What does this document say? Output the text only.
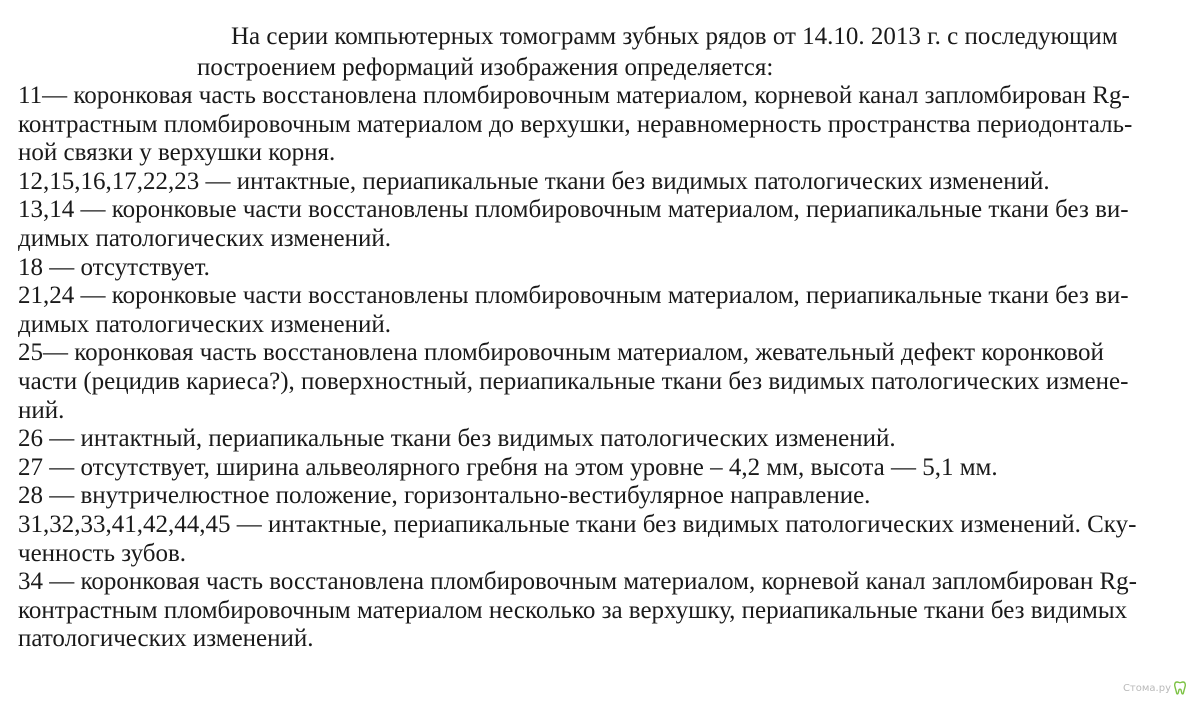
На серии компьютерных томограмм зубных рядов от 14.10. 2013 г. с последующим
построением реформаций изображения определяется:
11— коронковая часть восстановлена пломбировочным материалом, корневой канал запломбирован Rg-
контрастным пломбировочным материалом до верхушки, неравномерность пространства периодонталь-
ной связки у верхушки корня.
12,15,16,17,22,23 — интактные, периапикальные ткани без видимых патологических изменений.
13,14 — коронковые части восстановлены пломбировочным материалом, периапикальные ткани без ви-
димых патологических изменений.
18 — отсутствует.
21,24 — коронковые части восстановлены пломбировочным материалом, периапикальные ткани без ви-
димых патологических изменений.
25— коронковая часть восстановлена пломбировочным материалом, жевательный дефект коронковой
части (рецидив кариеса?), поверхностный, периапикальные ткани без видимых патологических измене-
ний.
26 — интактный, периапикальные ткани без видимых патологических изменений.
27 — отсутствует, ширина альвеолярного гребня на этом уровне – 4,2 мм, высота — 5,1 мм.
28 — внутричелюстное положение, горизонтально-вестибулярное направление.
31,32,33,41,42,44,45 — интактные, периапикальные ткани без видимых патологических изменений. Ску-
ченность зубов.
34 — коронковая часть восстановлена пломбировочным материалом, корневой канал запломбирован Rg-
контрастным пломбировочным материалом несколько за верхушку, периапикальные ткани без видимых
патологических изменений.
Стома.ру
